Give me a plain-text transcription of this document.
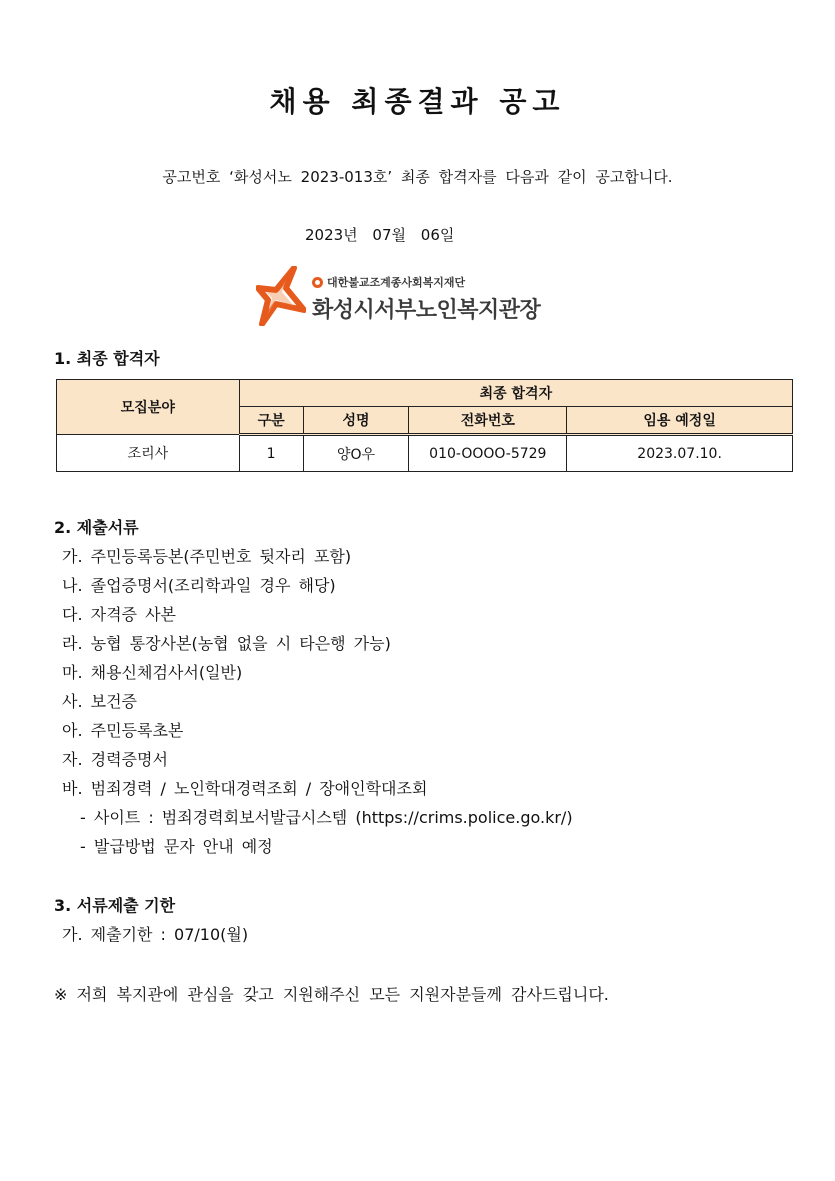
채용 최종결과 공고
공고번호 ‘화성서노 2023-013호’ 최종 합격자를 다음과 같이 공고합니다.
2023년 07월 06일
대한불교조계종사회복지재단
화성시서부노인복지관장
1. 최종 합격자
모집분야	최종 합격자			
	구분	성명	전화번호	임용 예정일
조리사	1	양O우	010-OOOO-5729	2023.07.10.
2. 제출서류
가. 주민등록등본(주민번호 뒷자리 포함)
나. 졸업증명서(조리학과일 경우 해당)
다. 자격증 사본
라. 농협 통장사본(농협 없을 시 타은행 가능)
마. 채용신체검사서(일반)
사. 보건증
아. 주민등록초본
자. 경력증명서
바. 범죄경력 / 노인학대경력조회 / 장애인학대조회
- 사이트 : 범죄경력회보서발급시스템 (https://crims.police.go.kr/)
- 발급방법 문자 안내 예정
3. 서류제출 기한
가. 제출기한 : 07/10(월)
※ 저희 복지관에 관심을 갖고 지원해주신 모든 지원자분들께 감사드립니다.
